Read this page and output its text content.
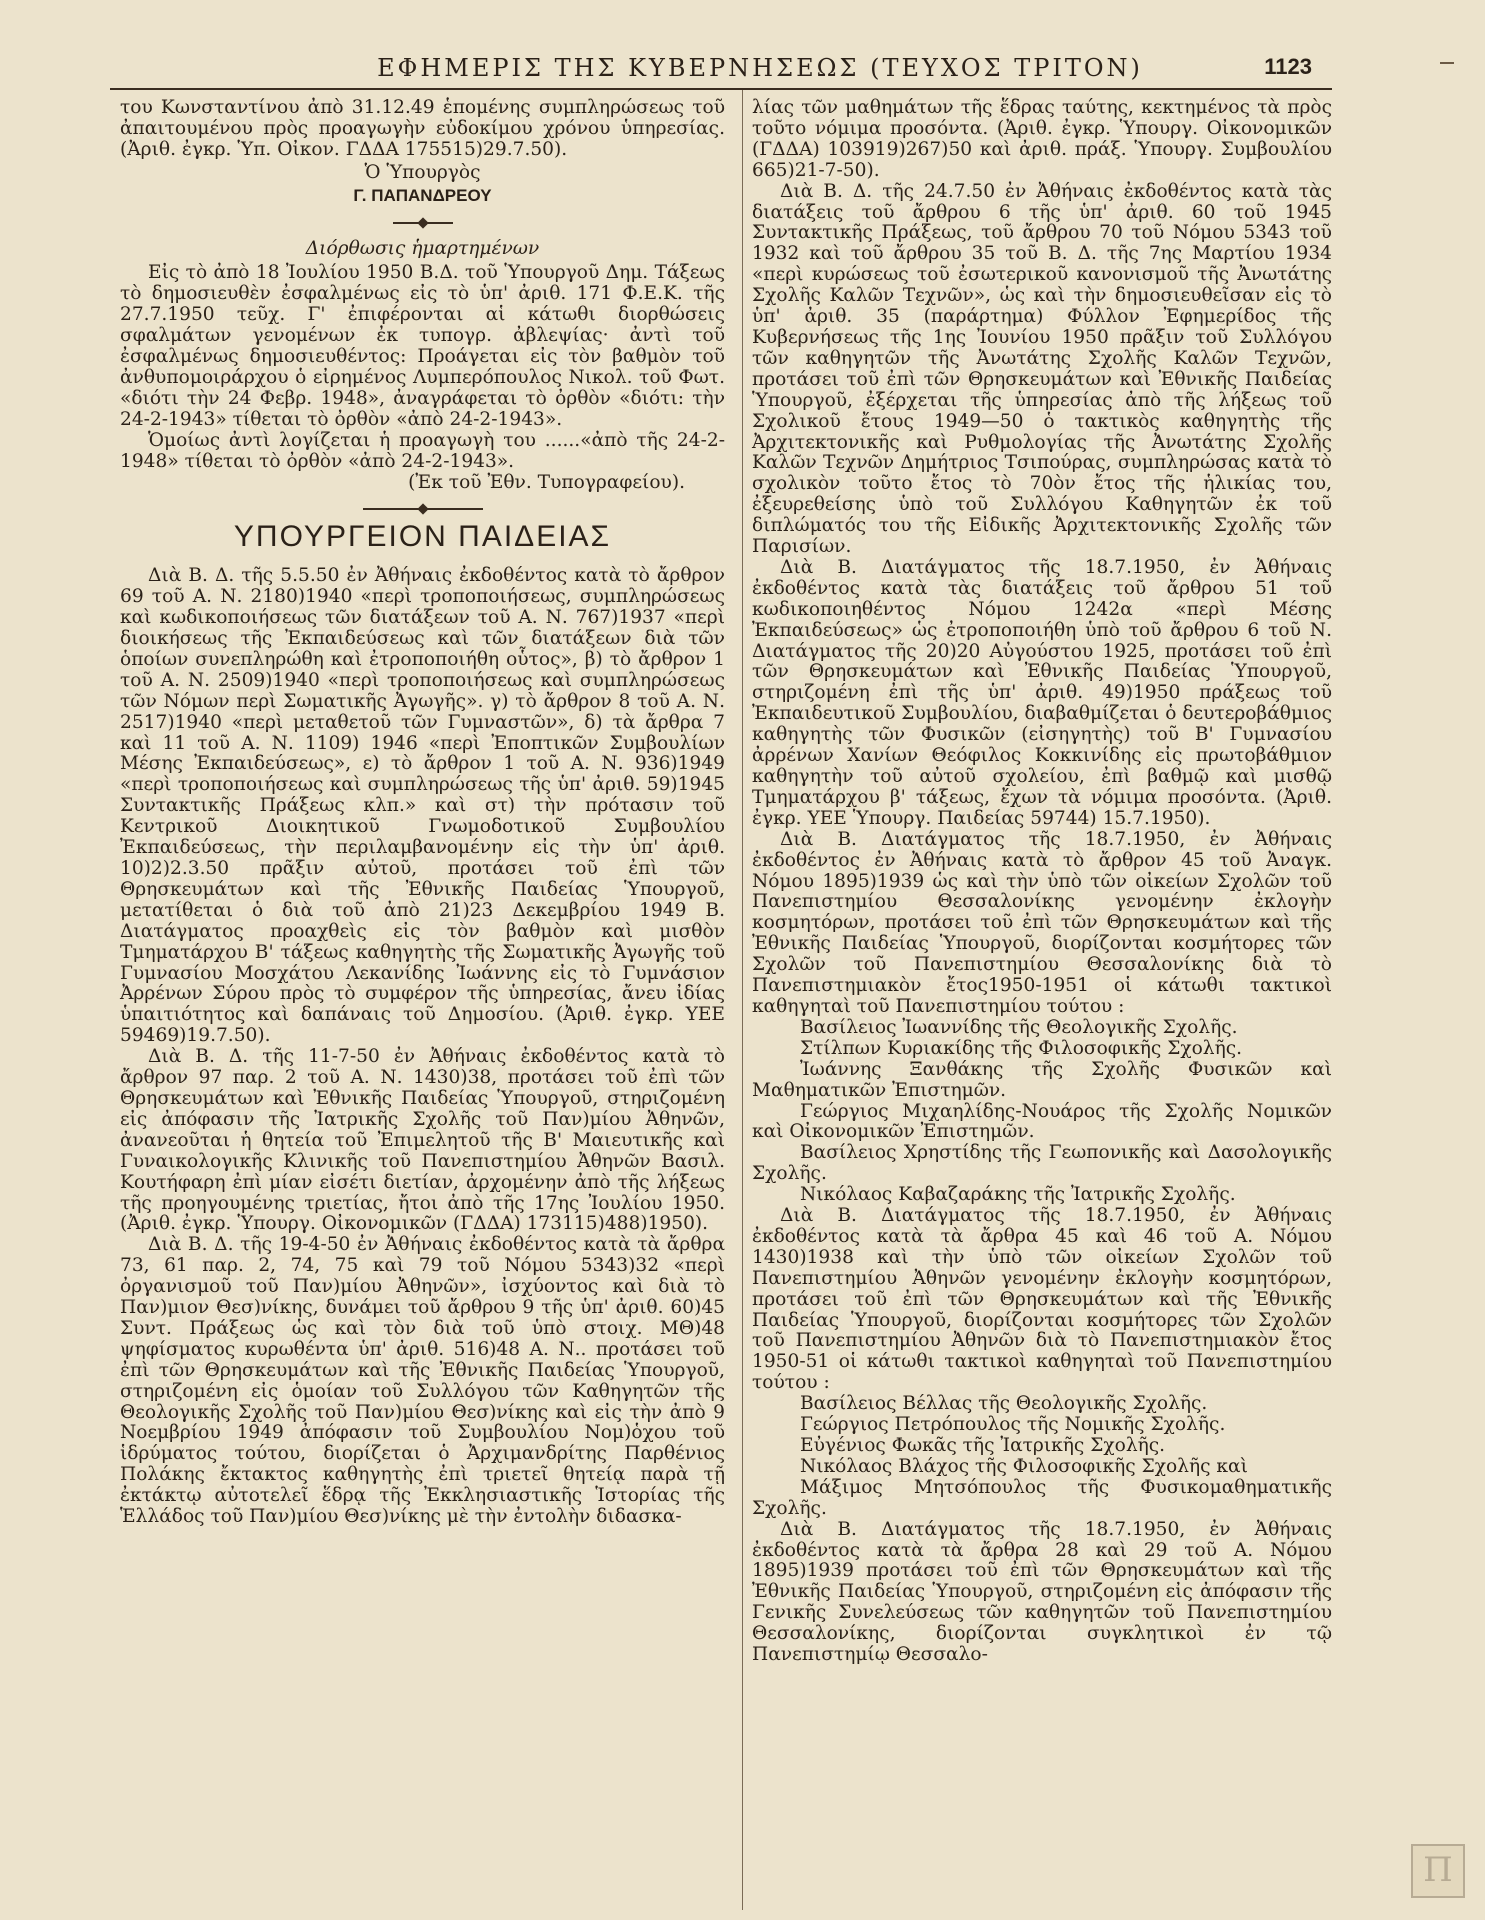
ΕΦΗΜΕΡΙΣ ΤΗΣ ΚΥΒΕΡΝΗΣΕΩΣ (ΤΕΥΧΟΣ ΤΡΙΤΟΝ)	1123

του Κωνσταντίνου ἀπὸ 31.12.49 ἑπομένης συμπληρώσεως τοῦ ἀπαιτουμένου πρὸς προαγωγὴν εὐδοκίμου χρόνου ὑπηρεσίας. (Ἀριθ. ἐγκρ. Ὑπ. Οἰκον. ΓΔΔΑ 175515)29.7.50).

Ὁ Ὑπουργὸς

Γ. ΠΑΠΑΝΔΡΕΟΥ

Διόρθωσις ἡμαρτημένων

Εἰς τὸ ἀπὸ 18 Ἰουλίου 1950 Β.Δ. τοῦ Ὑπουργοῦ Δημ. Τάξεως τὸ δημοσιευθὲν ἐσφαλμένως εἰς τὸ ὑπ' ἀριθ. 171 Φ.Ε.Κ. τῆς 27.7.1950 τεῦχ. Γ' ἐπιφέρονται αἱ κάτωθι διορθώσεις σφαλμάτων γενομένων ἐκ τυπογρ. ἀβλεψίας· ἀντὶ τοῦ ἐσφαλμένως δημοσιευθέντος: Προάγεται εἰς τὸν βαθμὸν τοῦ ἀνθυπομοιράρχου ὁ εἰρημένος Λυμπερόπουλος Νικολ. τοῦ Φωτ. «διότι τὴν 24 Φεβρ. 1948», ἀναγράφεται τὸ ὀρθὸν «διότι: τὴν 24-2-1943» τίθεται τὸ ὀρθὸν «ἀπὸ 24-2-1943».

Ὁμοίως ἀντὶ λογίζεται ἡ προαγωγὴ του ......«ἀπὸ τῆς 24-2-1948» τίθεται τὸ ὀρθὸν «ἀπὸ 24-2-1943».

(Ἐκ τοῦ Ἐθν. Τυπογραφείου).

ΥΠΟΥΡΓΕΙΟΝ ΠΑΙΔΕΙΑΣ

Διὰ Β. Δ. τῆς 5.5.50 ἐν Ἀθήναις ἐκδοθέντος κατὰ τὸ ἄρθρον 69 τοῦ Α. Ν. 2180)1940 «περὶ τροποποιήσεως, συμπληρώσεως καὶ κωδικοποιήσεως τῶν διατάξεων τοῦ Α. Ν. 767)1937 «περὶ διοικήσεως τῆς Ἐκπαιδεύσεως καὶ τῶν διατάξεων διὰ τῶν ὁποίων συνεπληρώθη καὶ ἐτροποποιήθη οὗτος», β) τὸ ἄρθρον 1 τοῦ Α. Ν. 2509)1940 «περὶ τροποποιήσεως καὶ συμπληρώσεως τῶν Νόμων περὶ Σωματικῆς Ἀγωγῆς». γ) τὸ ἄρθρον 8 τοῦ Α. Ν. 2517)1940 «περὶ μεταθετοῦ τῶν Γυμναστῶν», δ) τὰ ἄρθρα 7 καὶ 11 τοῦ Α. Ν. 1109) 1946 «περὶ Ἐποπτικῶν Συμβουλίων Μέσης Ἐκπαιδεύσεως», ε) τὸ ἄρθρον 1 τοῦ Α. Ν. 936)1949 «περὶ τροποποιήσεως καὶ συμπληρώσεως τῆς ὑπ' ἀριθ. 59)1945 Συντακτικῆς Πράξεως κλπ.» καὶ στ) τὴν πρότασιν τοῦ Κεντρικοῦ Διοικητικοῦ Γνωμοδοτικοῦ Συμβουλίου Ἐκπαιδεύσεως, τὴν περιλαμβανομένην εἰς τὴν ὑπ' ἀριθ. 10)2)2.3.50 πρᾶξιν αὐτοῦ, προτάσει τοῦ ἐπὶ τῶν Θρησκευμάτων καὶ τῆς Ἐθνικῆς Παιδείας Ὑπουργοῦ, μετατίθεται ὁ διὰ τοῦ ἀπὸ 21)23 Δεκεμβρίου 1949 Β. Διατάγματος προαχθεὶς εἰς τὸν βαθμὸν καὶ μισθὸν Τμηματάρχου Β' τάξεως καθηγητὴς τῆς Σωματικῆς Ἀγωγῆς τοῦ Γυμνασίου Μοσχάτου Λεκανίδης Ἰωάννης εἰς τὸ Γυμνάσιον Ἀρρένων Σύρου πρὸς τὸ συμφέρον τῆς ὑπηρεσίας, ἄνευ ἰδίας ὑπαιτιότητος καὶ δαπάναις τοῦ Δημοσίου. (Ἀριθ. ἐγκρ. ΥΕΕ 59469)19.7.50).

Διὰ Β. Δ. τῆς 11-7-50 ἐν Ἀθήναις ἐκδοθέντος κατὰ τὸ ἄρθρον 97 παρ. 2 τοῦ Α. Ν. 1430)38, προτάσει τοῦ ἐπὶ τῶν Θρησκευμάτων καὶ Ἐθνικῆς Παιδείας Ὑπουργοῦ, στηριζομένη εἰς ἀπόφασιν τῆς Ἰατρικῆς Σχολῆς τοῦ Παν)μίου Ἀθηνῶν, ἀνανεοῦται ἡ θητεία τοῦ Ἐπιμελητοῦ τῆς Β' Μαιευτικῆς καὶ Γυναικολογικῆς Κλινικῆς τοῦ Πανεπιστημίου Ἀθηνῶν Βασιλ. Κουτήφαρη ἐπὶ μίαν εἰσέτι διετίαν, ἀρχομένην ἀπὸ τῆς λήξεως τῆς προηγουμένης τριετίας, ἤτοι ἀπὸ τῆς 17ης Ἰουλίου 1950. (Ἀριθ. ἐγκρ. Ὑπουργ. Οἰκονομικῶν (ΓΔΔΑ) 173115)488)1950).

Διὰ Β. Δ. τῆς 19-4-50 ἐν Ἀθήναις ἐκδοθέντος κατὰ τὰ ἄρθρα 73, 61 παρ. 2, 74, 75 καὶ 79 τοῦ Νόμου 5343)32 «περὶ ὀργανισμοῦ τοῦ Παν)μίου Ἀθηνῶν», ἰσχύοντος καὶ διὰ τὸ Παν)μιον Θεσ)νίκης, δυνάμει τοῦ ἄρθρου 9 τῆς ὑπ' ἀριθ. 60)45 Συντ. Πράξεως ὡς καὶ τὸν διὰ τοῦ ὑπὸ στοιχ. ΜΘ)48 ψηφίσματος κυρωθέντα ὑπ' ἀριθ. 516)48 Α. Ν.. προτάσει τοῦ ἐπὶ τῶν Θρησκευμάτων καὶ τῆς Ἐθνικῆς Παιδείας Ὑπουργοῦ, στηριζομένη εἰς ὁμοίαν τοῦ Συλλόγου τῶν Καθηγητῶν τῆς Θεολογικῆς Σχολῆς τοῦ Παν)μίου Θεσ)νίκης καὶ εἰς τὴν ἀπὸ 9 Νοεμβρίου 1949 ἀπόφασιν τοῦ Συμβουλίου Νομ)ὁχου τοῦ ἱδρύματος τούτου, διορίζεται ὁ Ἀρχιμανδρίτης Παρθένιος Πολάκης ἔκτακτος καθηγητὴς ἐπὶ τριετεῖ θητείᾳ παρὰ τῇ ἐκτάκτῳ αὐτοτελεῖ ἕδρᾳ τῆς Ἐκκλησιαστικῆς Ἱστορίας τῆς Ἑλλάδος τοῦ Παν)μίου Θεσ)νίκης μὲ τὴν ἐντολὴν διδασκα-

λίας τῶν μαθημάτων τῆς ἕδρας ταύτης, κεκτημένος τὰ πρὸς τοῦτο νόμιμα προσόντα. (Ἀριθ. ἐγκρ. Ὑπουργ. Οἰκονομικῶν (ΓΔΔΑ) 103919)267)50 καὶ ἀριθ. πράξ. Ὑπουργ. Συμβουλίου 665)21-7-50).

Διὰ Β. Δ. τῆς 24.7.50 ἐν Ἀθήναις ἐκδοθέντος κατὰ τὰς διατάξεις τοῦ ἄρθρου 6 τῆς ὑπ' ἀριθ. 60 τοῦ 1945 Συντακτικῆς Πράξεως, τοῦ ἄρθρου 70 τοῦ Νόμου 5343 τοῦ 1932 καὶ τοῦ ἄρθρου 35 τοῦ Β. Δ. τῆς 7ης Μαρτίου 1934 «περὶ κυρώσεως τοῦ ἐσωτερικοῦ κανονισμοῦ τῆς Ἀνωτάτης Σχολῆς Καλῶν Τεχνῶν», ὡς καὶ τὴν δημοσιευθεῖσαν εἰς τὸ ὑπ' ἀριθ. 35 (παράρτημα) Φύλλον Ἐφημερίδος τῆς Κυβερνήσεως τῆς 1ης Ἰουνίου 1950 πρᾶξιν τοῦ Συλλόγου τῶν καθηγητῶν τῆς Ἀνωτάτης Σχολῆς Καλῶν Τεχνῶν, προτάσει τοῦ ἐπὶ τῶν Θρησκευμάτων καὶ Ἐθνικῆς Παιδείας Ὑπουργοῦ, ἐξέρχεται τῆς ὑπηρεσίας ἀπὸ τῆς λήξεως τοῦ Σχολικοῦ ἔτους 1949—50 ὁ τακτικὸς καθηγητὴς τῆς Ἀρχιτεκτονικῆς καὶ Ρυθμολογίας τῆς Ἀνωτάτης Σχολῆς Καλῶν Τεχνῶν Δημήτριος Τσιπούρας, συμπληρώσας κατὰ τὸ σχολικὸν τοῦτο ἔτος τὸ 70ὸν ἔτος τῆς ἡλικίας του, ἐξευρεθείσης ὑπὸ τοῦ Συλλόγου Καθηγητῶν ἐκ τοῦ διπλώματός του τῆς Εἰδικῆς Ἀρχιτεκτονικῆς Σχολῆς τῶν Παρισίων.

Διὰ Β. Διατάγματος τῆς 18.7.1950, ἐν Ἀθήναις ἐκδοθέντος κατὰ τὰς διατάξεις τοῦ ἄρθρου 51 τοῦ κωδικοποιηθέντος Νόμου 1242α «περὶ Μέσης Ἐκπαιδεύσεως» ὡς ἐτροποποιήθη ὑπὸ τοῦ ἄρθρου 6 τοῦ Ν. Διατάγματος τῆς 20)20 Αὐγούστου 1925, προτάσει τοῦ ἐπὶ τῶν Θρησκευμάτων καὶ Ἐθνικῆς Παιδείας Ὑπουργοῦ, στηριζομένη ἐπὶ τῆς ὑπ' ἀριθ. 49)1950 πράξεως τοῦ Ἐκπαιδευτικοῦ Συμβουλίου, διαβαθμίζεται ὁ δευτεροβάθμιος καθηγητὴς τῶν Φυσικῶν (εἰσηγητὴς) τοῦ Β' Γυμνασίου ἀρρένων Χανίων Θεόφιλος Κοκκινίδης εἰς πρωτοβάθμιον καθηγητὴν τοῦ αὐτοῦ σχολείου, ἐπὶ βαθμῷ καὶ μισθῷ Τμηματάρχου β' τάξεως, ἔχων τὰ νόμιμα προσόντα. (Ἀριθ. ἐγκρ. ΥΕΕ Ὑπουργ. Παιδείας 59744) 15.7.1950).

Διὰ Β. Διατάγματος τῆς 18.7.1950, ἐν Ἀθήναις ἐκδοθέντος ἐν Ἀθήναις κατὰ τὸ ἄρθρον 45 τοῦ Ἀναγκ. Νόμου 1895)1939 ὡς καὶ τὴν ὑπὸ τῶν οἰκείων Σχολῶν τοῦ Πανεπιστημίου Θεσσαλονίκης γενομένην ἐκλογὴν κοσμητόρων, προτάσει τοῦ ἐπὶ τῶν Θρησκευμάτων καὶ τῆς Ἐθνικῆς Παιδείας Ὑπουργοῦ, διορίζονται κοσμήτορες τῶν Σχολῶν τοῦ Πανεπιστημίου Θεσσαλονίκης διὰ τὸ Πανεπιστημιακὸν ἔτος1950-1951 οἱ κάτωθι τακτικοὶ καθηγηταὶ τοῦ Πανεπιστημίου τούτου :

Βασίλειος Ἰωαννίδης τῆς Θεολογικῆς Σχολῆς.

Στίλπων Κυριακίδης τῆς Φιλοσοφικῆς Σχολῆς.

Ἰωάννης Ξανθάκης τῆς Σχολῆς Φυσικῶν καὶ Μαθηματικῶν Ἐπιστημῶν.

Γεώργιος Μιχαηλίδης-Νουάρος τῆς Σχολῆς Νομικῶν καὶ Οἰκονομικῶν Ἐπιστημῶν.

Βασίλειος Χρηστίδης τῆς Γεωπονικῆς καὶ Δασολογικῆς Σχολῆς.

Νικόλαος Καβαζαράκης τῆς Ἰατρικῆς Σχολῆς.

Διὰ Β. Διατάγματος τῆς 18.7.1950, ἐν Ἀθήναις ἐκδοθέντος κατὰ τὰ ἄρθρα 45 καὶ 46 τοῦ Α. Νόμου 1430)1938 καὶ τὴν ὑπὸ τῶν οἰκείων Σχολῶν τοῦ Πανεπιστημίου Ἀθηνῶν γενομένην ἐκλογὴν κοσμητόρων, προτάσει τοῦ ἐπὶ τῶν Θρησκευμάτων καὶ τῆς Ἐθνικῆς Παιδείας Ὑπουργοῦ, διορίζονται κοσμήτορες τῶν Σχολῶν τοῦ Πανεπιστημίου Ἀθηνῶν διὰ τὸ Πανεπιστημιακὸν ἔτος 1950-51 οἱ κάτωθι τακτικοὶ καθηγηταὶ τοῦ Πανεπιστημίου τούτου :

Βασίλειος Βέλλας τῆς Θεολογικῆς Σχολῆς.

Γεώργιος Πετρόπουλος τῆς Νομικῆς Σχολῆς.

Εὐγένιος Φωκᾶς τῆς Ἰατρικῆς Σχολῆς.

Νικόλαος Βλάχος τῆς Φιλοσοφικῆς Σχολῆς καὶ

Μάξιμος Μητσόπουλος τῆς Φυσικομαθηματικῆς Σχολῆς.

Διὰ Β. Διατάγματος τῆς 18.7.1950, ἐν Ἀθήναις ἐκδοθέντος κατὰ τὰ ἄρθρα 28 καὶ 29 τοῦ Α. Νόμου 1895)1939 προτάσει τοῦ ἐπὶ τῶν Θρησκευμάτων καὶ τῆς Ἐθνικῆς Παιδείας Ὑπουργοῦ, στηριζομένη εἰς ἀπόφασιν τῆς Γενικῆς Συνελεύσεως τῶν καθηγητῶν τοῦ Πανεπιστημίου Θεσσαλονίκης, διορίζονται συγκλητικοὶ ἐν τῷ Πανεπιστημίῳ Θεσσαλο-

Π
